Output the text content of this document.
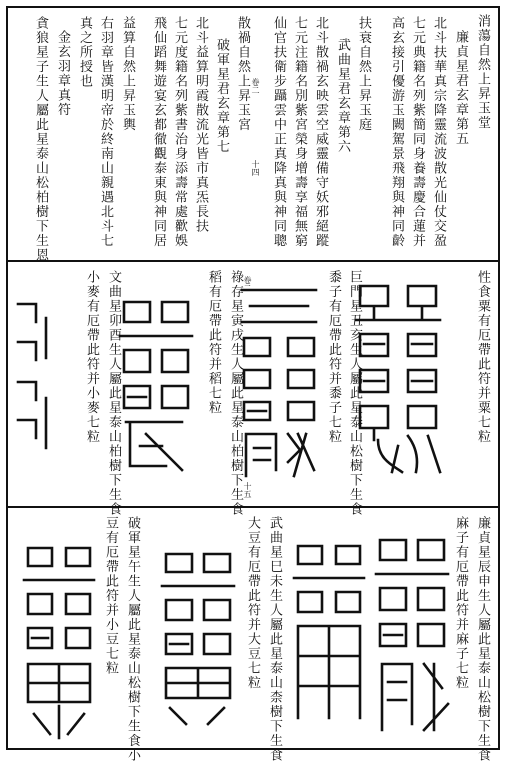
消蕩自然上昇玉堂
廉貞星君玄章第五
北斗扶華真宗降靈流波散光仙仗交盈
七元典籍名列紫簡同身養壽慶合蓮并
高玄接引優游玉闕駕景飛翔與神同齡
扶衰自然上昇玉庭
武曲星君玄章第六
北斗散禍玄映雲空威靈備守妖邪絕蹤
七元注籍名別紫宮榮身增壽享福無窮
仙官扶衛步躡雲中正真降真與神同聰
散禍自然上昇玉宮
破軍星君玄章第七
北斗益算明霞散流光皆市真炁長扶
七元度籍名列紫書治身添壽常處歡娛
飛仙蹈舞遊宴玄都徹觀泰東與神同居
益算自然上昇玉輿
右羽章皆漢明帝於終南山親遇北斗七
真之所授也
金玄羽章真符
貪狼星子生人屬此星泰山松柏樹下生恩	卷二
十四
性食粟有厄帶此符并粟七粒
巨門星丑亥生人屬此星泰山松樹下生食
黍子有厄帶此符并黍子七粒
祿存星寅戌生人屬此星泰山柏樹下生食
稻有厄帶此符并稻七粒
文曲星卯酉生人屬此星泰山柏樹下生食
小麥有厄帶此符并小麥七粒	卷二
十五
廉貞星辰申生人屬此星泰山松樹下生食
麻子有厄帶此符并麻子七粒
武曲星巳未生人屬此星泰山柰樹下生食
大豆有厄帶此符并大豆七粒
破軍星午生人屬此星泰山松樹下生食小
豆有厄帶此符并小豆七粒
